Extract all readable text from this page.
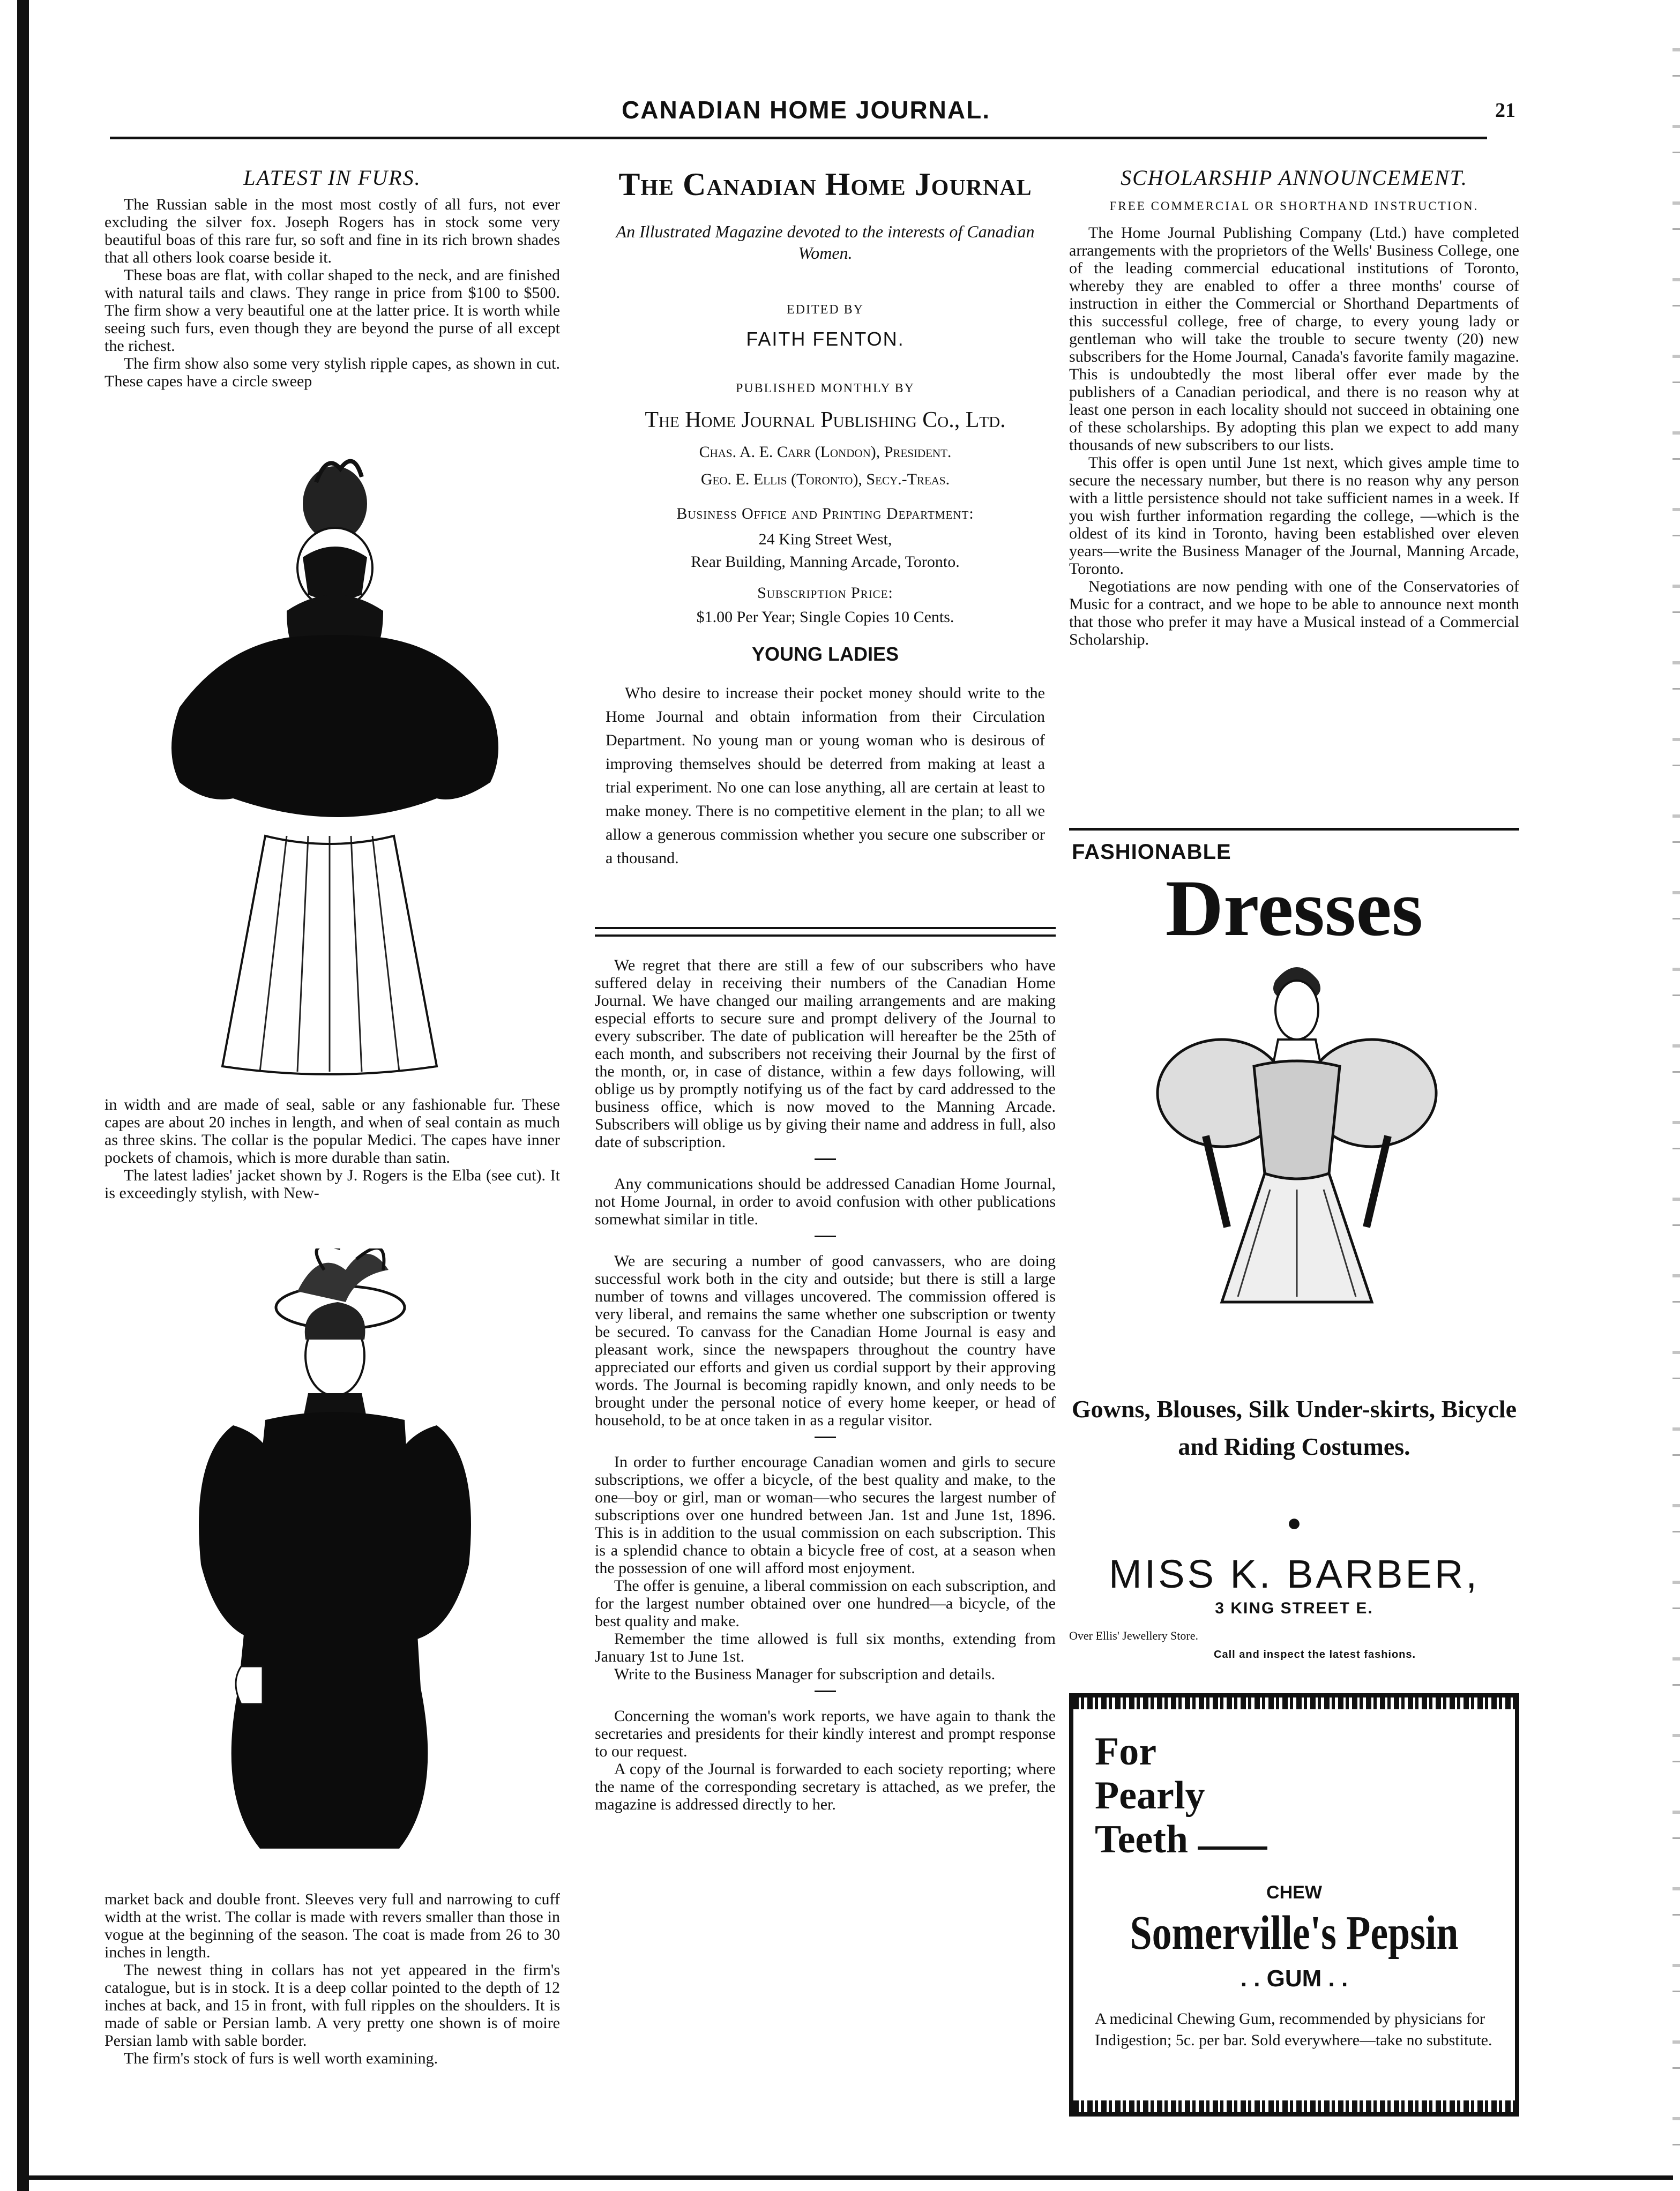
CANADIAN HOME JOURNAL.	21
LATEST IN FURS.

The Russian sable in the most most costly of all furs, not ever excluding the silver fox. Joseph Rogers has in stock some very beautiful boas of this rare fur, so soft and fine in its rich brown shades that all others look coarse beside it.

These boas are flat, with collar shaped to the neck, and are finished with natural tails and claws. They range in price from $100 to $500. The firm show a very beautiful one at the latter price. It is worth while seeing such furs, even though they are beyond the purse of all except the richest.

The firm show also some very stylish ripple capes, as shown in cut. These capes have a circle sweep

in width and are made of seal, sable or any fashionable fur. These capes are about 20 inches in length, and when of seal contain as much as three skins. The collar is the popular Medici. The capes have inner pockets of chamois, which is more durable than satin.

The latest ladies' jacket shown by J. Rogers is the Elba (see cut). It is exceedingly stylish, with New-

market back and double front. Sleeves very full and narrowing to cuff width at the wrist. The collar is made with revers smaller than those in vogue at the beginning of the season. The coat is made from 26 to 30 inches in length.

The newest thing in collars has not yet appeared in the firm's catalogue, but is in stock. It is a deep collar pointed to the depth of 12 inches at back, and 15 in front, with full ripples on the shoulders. It is made of sable or Persian lamb. A very pretty one shown is of moire Persian lamb with sable border.

The firm's stock of furs is well worth examining.

The Canadian Home Journal
An Illustrated Magazine devoted to the interests of Canadian Women.
EDITED BY
FAITH FENTON.
PUBLISHED MONTHLY BY
The Home Journal Publishing Co., Ltd.
Chas. A. E. Carr (London), President.
Geo. E. Ellis (Toronto), Secy.-Treas.
Business Office and Printing Department:
24 King Street West,
Rear Building, Manning Arcade, Toronto.
Subscription Price:
$1.00 Per Year; Single Copies 10 Cents.
YOUNG LADIES

Who desire to increase their pocket money should write to the Home Journal and obtain information from their Circulation Department. No young man or young woman who is desirous of improving themselves should be deterred from making at least a trial experiment. No one can lose anything, all are certain at least to make money. There is no competitive element in the plan; to all we allow a generous commission whether you secure one subscriber or a thousand.

We regret that there are still a few of our subscribers who have suffered delay in receiving their numbers of the Canadian Home Journal. We have changed our mailing arrangements and are making especial efforts to secure sure and prompt delivery of the Journal to every subscriber. The date of publication will hereafter be the 25th of each month, and subscribers not receiving their Journal by the first of the month, or, in case of distance, within a few days following, will oblige us by promptly notifying us of the fact by card addressed to the business office, which is now moved to the Manning Arcade. Subscribers will oblige us by giving their name and address in full, also date of subscription.

Any communications should be addressed Canadian Home Journal, not Home Journal, in order to avoid confusion with other publications somewhat similar in title.

We are securing a number of good canvassers, who are doing successful work both in the city and outside; but there is still a large number of towns and villages uncovered. The commission offered is very liberal, and remains the same whether one subscription or twenty be secured. To canvass for the Canadian Home Journal is easy and pleasant work, since the newspapers throughout the country have appreciated our efforts and given us cordial support by their approving words. The Journal is becoming rapidly known, and only needs to be brought under the personal notice of every home keeper, or head of household, to be at once taken in as a regular visitor.

In order to further encourage Canadian women and girls to secure subscriptions, we offer a bicycle, of the best quality and make, to the one—boy or girl, man or woman—who secures the largest number of subscriptions over one hundred between Jan. 1st and June 1st, 1896. This is in addition to the usual commission on each subscription. This is a splendid chance to obtain a bicycle free of cost, at a season when the possession of one will afford most enjoyment.

The offer is genuine, a liberal commission on each subscription, and for the largest number obtained over one hundred—a bicycle, of the best quality and make.

Remember the time allowed is full six months, extending from January 1st to June 1st.

Write to the Business Manager for subscription and details.

Concerning the woman's work reports, we have again to thank the secretaries and presidents for their kindly interest and prompt response to our request.

A copy of the Journal is forwarded to each society reporting; where the name of the corresponding secretary is attached, as we prefer, the magazine is addressed directly to her.

SCHOLARSHIP ANNOUNCEMENT.
FREE COMMERCIAL OR SHORTHAND INSTRUCTION.

The Home Journal Publishing Company (Ltd.) have completed arrangements with the proprietors of the Wells' Business College, one of the leading commercial educational institutions of Toronto, whereby they are enabled to offer a three months' course of instruction in either the Commercial or Shorthand Departments of this successful college, free of charge, to every young lady or gentleman who will take the trouble to secure twenty (20) new subscribers for the Home Journal, Canada's favorite family magazine. This is undoubtedly the most liberal offer ever made by the publishers of a Canadian periodical, and there is no reason why at least one person in each locality should not succeed in obtaining one of these scholarships. By adopting this plan we expect to add many thousands of new subscribers to our lists.

This offer is open until June 1st next, which gives ample time to secure the necessary number, but there is no reason why any person with a little persistence should not take sufficient names in a week. If you wish further information regarding the college, —which is the oldest of its kind in Toronto, having been established over eleven years—write the Business Manager of the Journal, Manning Arcade, Toronto.

Negotiations are now pending with one of the Conservatories of Music for a contract, and we hope to be able to announce next month that those who prefer it may have a Musical instead of a Commercial Scholarship.

FASHIONABLE
Dresses
Gowns, Blouses, Silk Under-skirts, Bicycle and Riding Costumes.
●
MISS K. BARBER,
3 KING STREET E.
Over Ellis' Jewellery Store.
Call and inspect the latest fashions.
For
Pearly
Teeth
CHEW
Somerville's Pepsin
. . GUM . .
A medicinal Chewing Gum, recommended by physicians for Indigestion; 5c. per bar. Sold everywhere—take no substitute.
